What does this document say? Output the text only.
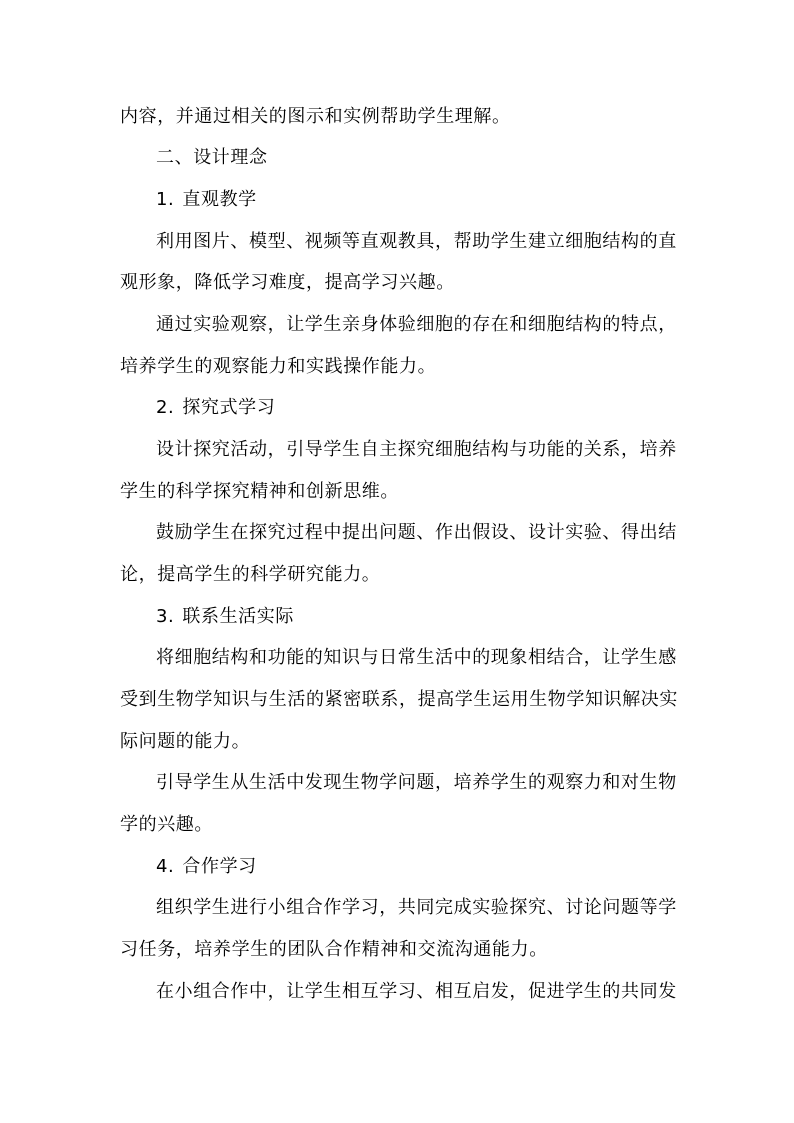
内容，并通过相关的图示和实例帮助学生理解。
二、设计理念
1. 直观教学
利用图片、模型、视频等直观教具，帮助学生建立细胞结构的直
观形象，降低学习难度，提高学习兴趣。
通过实验观察，让学生亲身体验细胞的存在和细胞结构的特点，
培养学生的观察能力和实践操作能力。
2. 探究式学习
设计探究活动，引导学生自主探究细胞结构与功能的关系，培养
学生的科学探究精神和创新思维。
鼓励学生在探究过程中提出问题、作出假设、设计实验、得出结
论，提高学生的科学研究能力。
3. 联系生活实际
将细胞结构和功能的知识与日常生活中的现象相结合，让学生感
受到生物学知识与生活的紧密联系，提高学生运用生物学知识解决实
际问题的能力。
引导学生从生活中发现生物学问题，培养学生的观察力和对生物
学的兴趣。
4. 合作学习
组织学生进行小组合作学习，共同完成实验探究、讨论问题等学
习任务，培养学生的团队合作精神和交流沟通能力。
在小组合作中，让学生相互学习、相互启发，促进学生的共同发
